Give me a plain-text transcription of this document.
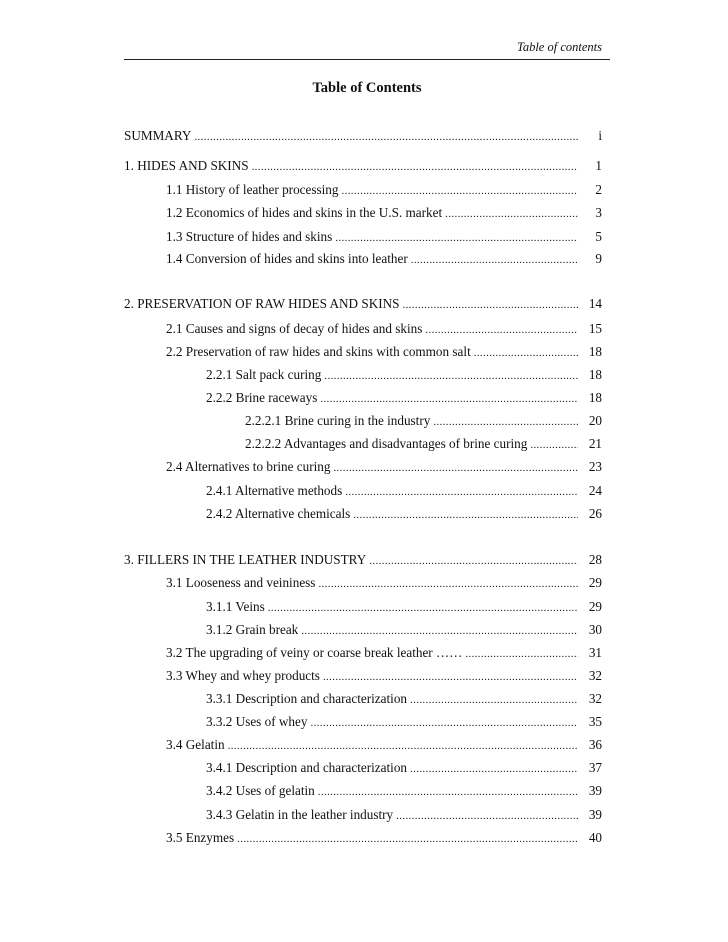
Table of contents
Table of Contents
SUMMARY . . .	i
1. HIDES AND SKINS . . .	1
1.1 History of leather processing . . .	2
1.2 Economics of hides and skins in the U.S. market . . .	3
1.3 Structure of hides and skins . . .	5
1.4 Conversion of hides and skins into leather . . .	9
2. PRESERVATION OF RAW HIDES AND SKINS . . .	14
2.1 Causes and signs of decay of hides and skins . . .	15
2.2 Preservation of raw hides and skins with common salt . . .	18
2.2.1 Salt pack curing . . .	18
2.2.2 Brine raceways . . .	18
2.2.2.1 Brine curing in the industry . . .	20
2.2.2.2 Advantages and disadvantages of brine curing . . .	21
2.4 Alternatives to brine curing . . .	23
2.4.1 Alternative methods . . .	24
2.4.2 Alternative chemicals . . .	26
3. FILLERS IN THE LEATHER INDUSTRY . . .	28
3.1 Looseness and veininess . . .	29
3.1.1 Veins . . .	29
3.1.2 Grain break . . .	30
3.2 The upgrading of veiny or coarse break leather …… . . .	31
3.3 Whey and whey products . . .	32
3.3.1 Description and characterization . . .	32
3.3.2 Uses of whey . . .	35
3.4 Gelatin . . .	36
3.4.1 Description and characterization . . .	37
3.4.2 Uses of gelatin . . .	39
3.4.3 Gelatin in the leather industry . . .	39
3.5 Enzymes . . .	40
